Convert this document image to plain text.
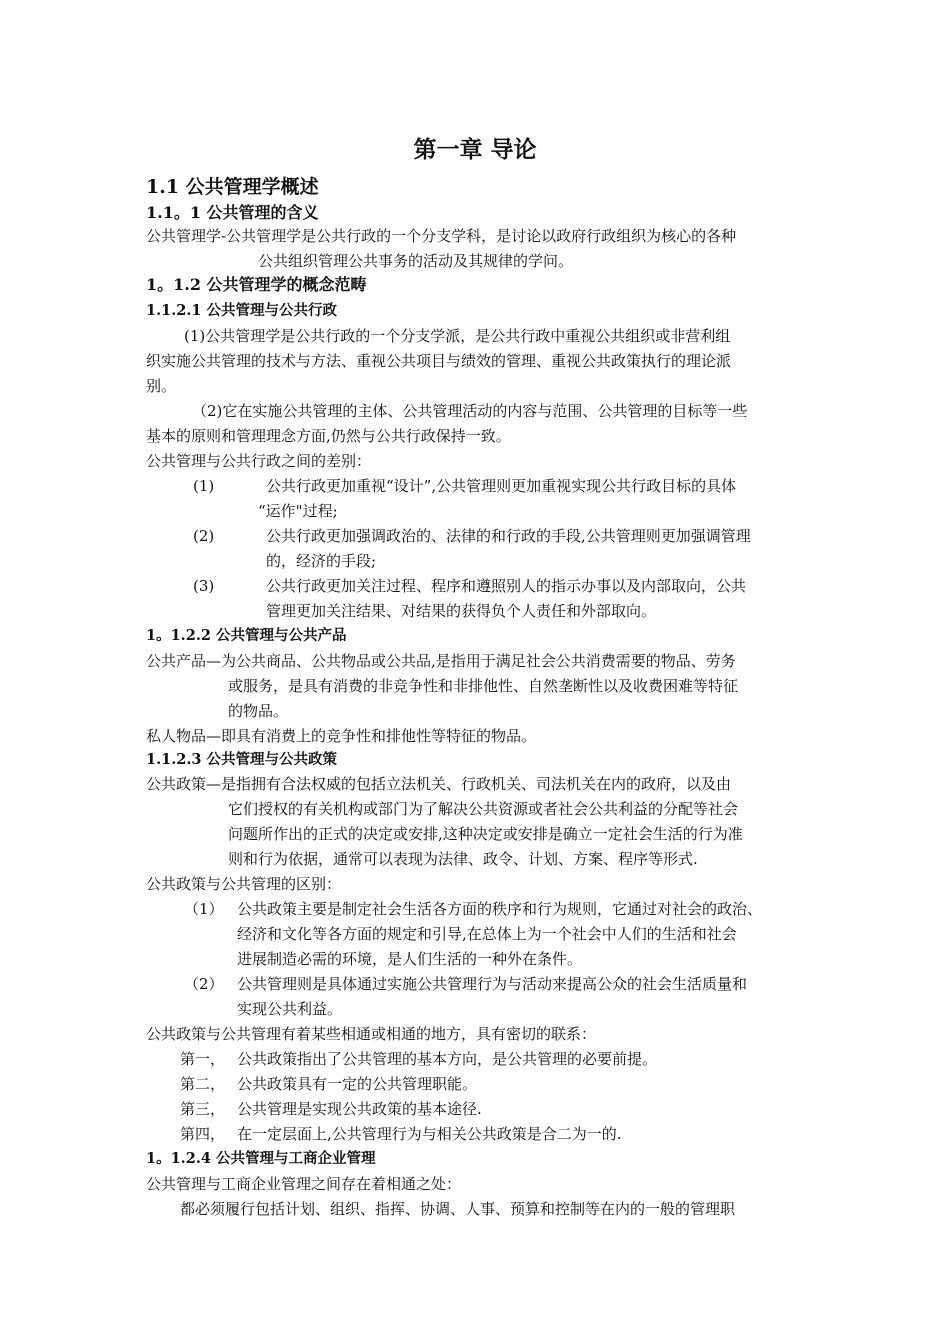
第一章 导论
1.1 公共管理学概述
1.1。1 公共管理的含义
公共管理学-公共管理学是公共行政的一个分支学科，是讨论以政府行政组织为核心的各种
公共组织管理公共事务的活动及其规律的学问。
1。1.2 公共管理学的概念范畴
1.1.2.1 公共管理与公共行政
(1)公共管理学是公共行政的一个分支学派，是公共行政中重视公共组织或非营利组
织实施公共管理的技术与方法、重视公共项目与绩效的管理、重视公共政策执行的理论派
别。
（2)它在实施公共管理的主体、公共管理活动的内容与范围、公共管理的目标等一些
基本的原则和管理理念方面,仍然与公共行政保持一致。
公共管理与公共行政之间的差别：
(1)	公共行政更加重视“设计”,公共管理则更加重视实现公共行政目标的具体
“运作"过程;
(2)	公共行政更加强调政治的、法律的和行政的手段,公共管理则更加强调管理
的，经济的手段;
(3)	公共行政更加关注过程、程序和遵照别人的指示办事以及内部取向，公共
管理更加关注结果、对结果的获得负个人责任和外部取向。
1。1.2.2 公共管理与公共产品
公共产品—为公共商品、公共物品或公共品,是指用于满足社会公共消费需要的物品、劳务
或服务，是具有消费的非竞争性和非排他性、自然垄断性以及收费困难等特征
的物品。
私人物品—即具有消费上的竞争性和排他性等特征的物品。
1.1.2.3 公共管理与公共政策
公共政策—是指拥有合法权威的包括立法机关、行政机关、司法机关在内的政府，以及由
它们授权的有关机构或部门为了解决公共资源或者社会公共利益的分配等社会
问题所作出的正式的决定或安排,这种决定或安排是确立一定社会生活的行为准
则和行为依据，通常可以表现为法律、政令、计划、方案、程序等形式.
公共政策与公共管理的区别：
（1） 公共政策主要是制定社会生活各方面的秩序和行为规则，它通过对社会的政治、
经济和文化等各方面的规定和引导,在总体上为一个社会中人们的生活和社会
进展制造必需的环境，是人们生活的一种外在条件。
（2） 公共管理则是具体通过实施公共管理行为与活动来提高公众的社会生活质量和
实现公共利益。
公共政策与公共管理有着某些相通或相通的地方，具有密切的联系：
第一， 公共政策指出了公共管理的基本方向，是公共管理的必要前提。
第二， 公共政策具有一定的公共管理职能。
第三， 公共管理是实现公共政策的基本途径.
第四， 在一定层面上,公共管理行为与相关公共政策是合二为一的.
1。1.2.4 公共管理与工商企业管理
公共管理与工商企业管理之间存在着相通之处：
都必须履行包括计划、组织、指挥、协调、人事、预算和控制等在内的一般的管理职
